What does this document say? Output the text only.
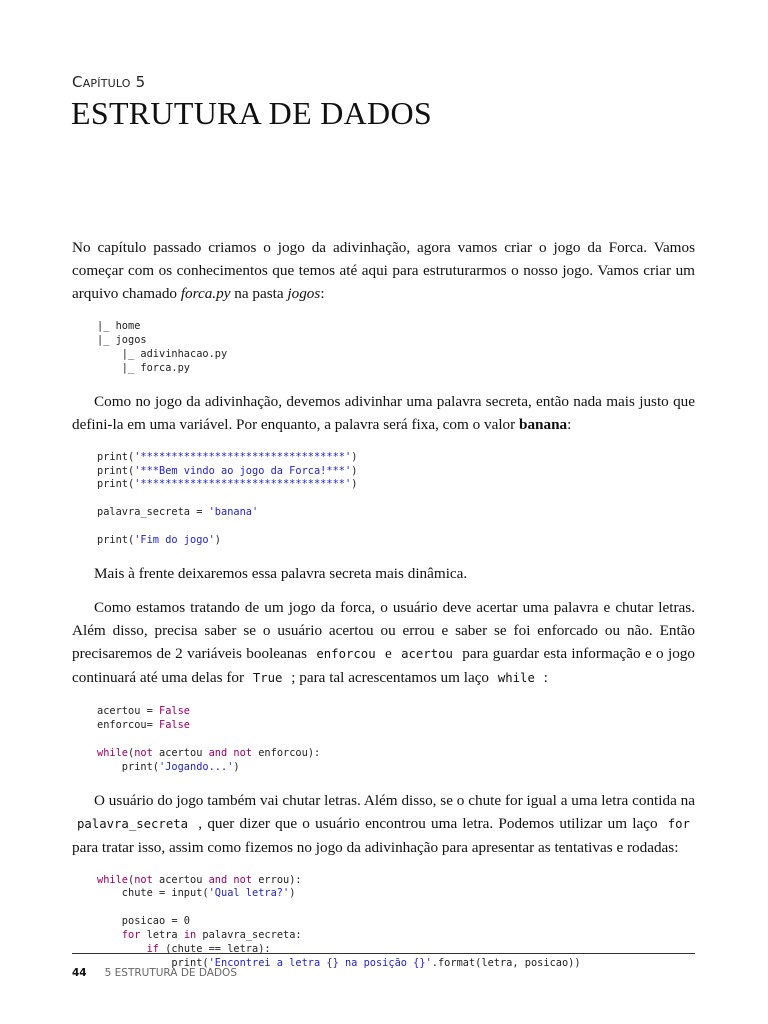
CAPÍTULO 5
ESTRUTURA DE DADOS

No capítulo passado criamos o jogo da adivinhação, agora vamos criar o jogo da Forca. Vamos começar com os conhecimentos que temos até aqui para estruturarmos o nosso jogo. Vamos criar um arquivo chamado forca.py na pasta jogos:

|_ home
|_ jogos
|_ adivinhacao.py
|_ forca.py

Como no jogo da adivinhação, devemos adivinhar uma palavra secreta, então nada mais justo que defini-la em uma variável. Por enquanto, a palavra será fixa, com o valor banana:

print('*********************************')
print('***Bem vindo ao jogo da Forca!***')
print('*********************************')

palavra_secreta = 'banana'

print('Fim do jogo')

Mais à frente deixaremos essa palavra secreta mais dinâmica.

Como estamos tratando de um jogo da forca, o usuário deve acertar uma palavra e chutar letras. Além disso, precisa saber se o usuário acertou ou errou e saber se foi enforcado ou não. Então precisaremos de 2 variáveis booleanas enforcou e acertou para guardar esta informação e o jogo continuará até uma delas for True ; para tal acrescentamos um laço while :

acertou = False
enforcou= False

while(not acertou and not enforcou):
print('Jogando...')

O usuário do jogo também vai chutar letras. Além disso, se o chute for igual a uma letra contida na palavra_secreta , quer dizer que o usuário encontrou uma letra. Podemos utilizar um laço for para tratar isso, assim como fizemos no jogo da adivinhação para apresentar as tentativas e rodadas:

while(not acertou and not errou):
chute = input('Qual letra?')

posicao = 0
for letra in palavra_secreta:
if (chute == letra):
print('Encontrei a letra {} na posição {}'.format(letra, posicao))
44 5 ESTRUTURA DE DADOS
